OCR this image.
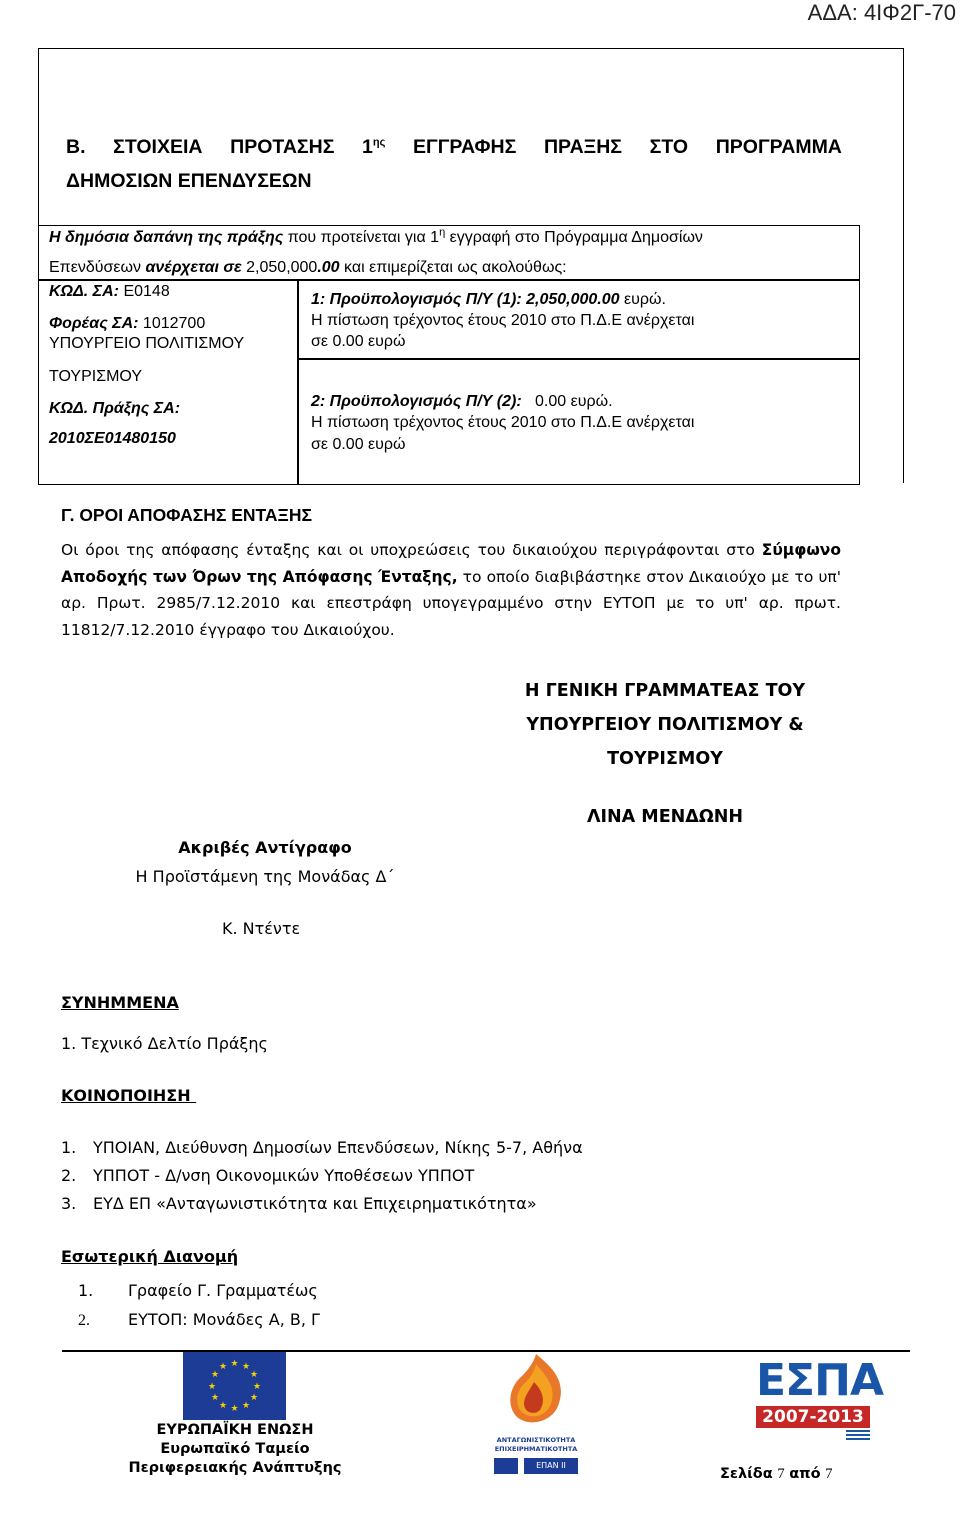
ΑΔΑ: 4ΙΦ2Γ-70
Β. ΣΤΟΙΧΕΙΑ ΠΡΟΤΑΣΗΣ $1^{\eta\varsigma}$ ΕΓΓΡΑΦΗΣ ΠΡΑΞΗΣ ΣΤΟ ΠΡΟΓΡΑΜΜΑ
ΔΗΜΟΣΙΩΝ ΕΠΕΝΔΥΣΕΩΝ
Η δημόσια δαπάνη της πράξης που προτείνεται για $1^\eta$ εγγραφή στο Πρόγραμμα Δημοσίων
Επενδύσεων ανέρχεται σε 2,050,000.00 και επιμερίζεται ως ακολούθως:
ΚΩΔ. ΣΑ: Ε0148
Φορέας ΣΑ: 1012700
ΥΠΟΥΡΓΕΙΟ ΠΟΛΙΤΙΣΜΟΥ
ΤΟΥΡΙΣΜΟΥ
ΚΩΔ. Πράξης ΣΑ:
2010ΣΕ01480150
1: Προϋπολογισμός Π/Υ (1): 2,050,000.00 ευρώ.
Η πίστωση τρέχοντος έτους 2010 στο Π.Δ.Ε ανέρχεται
σε 0.00 ευρώ
2: Προϋπολογισμός Π/Υ (2): 0.00 ευρώ.
Η πίστωση τρέχοντος έτους 2010 στο Π.Δ.Ε ανέρχεται
σε 0.00 ευρώ
Γ. ΟΡΟΙ ΑΠΟΦΑΣΗΣ ΕΝΤΑΞΗΣ
Οι όροι της απόφασης ένταξης και οι υποχρεώσεις του δικαιούχου περιγράφονται στο Σύμφωνο Αποδοχής των Όρων της Απόφασης Ένταξης, το οποίο διαβιβάστηκε στον Δικαιούχο με το υπ' αρ. Πρωτ. 2985/7.12.2010 και επεστράφη υπογεγραμμένο στην ΕΥΤΟΠ με το υπ' αρ. πρωτ. 11812/7.12.2010 έγγραφο του Δικαιούχου.
Η ΓΕΝΙΚΗ ΓΡΑΜΜΑΤΕΑΣ ΤΟΥ
ΥΠΟΥΡΓΕΙΟΥ ΠΟΛΙΤΙΣΜΟΥ &
ΤΟΥΡΙΣΜΟΥ
ΛΙΝΑ ΜΕΝΔΩΝΗ
Ακριβές Αντίγραφο
Η Προϊστάμενη της Μονάδας Δ΄
Κ. Ντέντε
ΣΥΝΗΜΜΕΝΑ
1. Τεχνικό Δελτίο Πράξης
ΚΟΙΝΟΠΟΙΗΣΗ
1. ΥΠΟΙΑΝ, Διεύθυνση Δημοσίων Επενδύσεων, Νίκης 5-7, Αθήνα
2. ΥΠΠΟΤ - Δ/νση Οικονομικών Υποθέσεων ΥΠΠΟΤ
3. ΕΥΔ ΕΠ «Ανταγωνιστικότητα και Επιχειρηματικότητα»
Εσωτερική Διανομή
1. Γραφείο Γ. Γραμματέως
2. ΕΥΤΟΠ: Μονάδες Α, Β, Γ
★ ★
★
★
★
★
★
★
★
★
★
★
ΕΥΡΩΠΑΪΚΗ ΕΝΩΣΗ
Ευρωπαϊκό Ταμείο
Περιφερειακής Ανάπτυξης
ΑΝΤΑΓΩΝΙΣΤΙΚΟΤΗΤΑ
ΕΠΙΧΕΙΡΗΜΑΤΙΚΟΤΗΤΑ
ΕΠΑΝ II
ΕΣΠΑ
2007-2013
Σελίδα 7 από 7
